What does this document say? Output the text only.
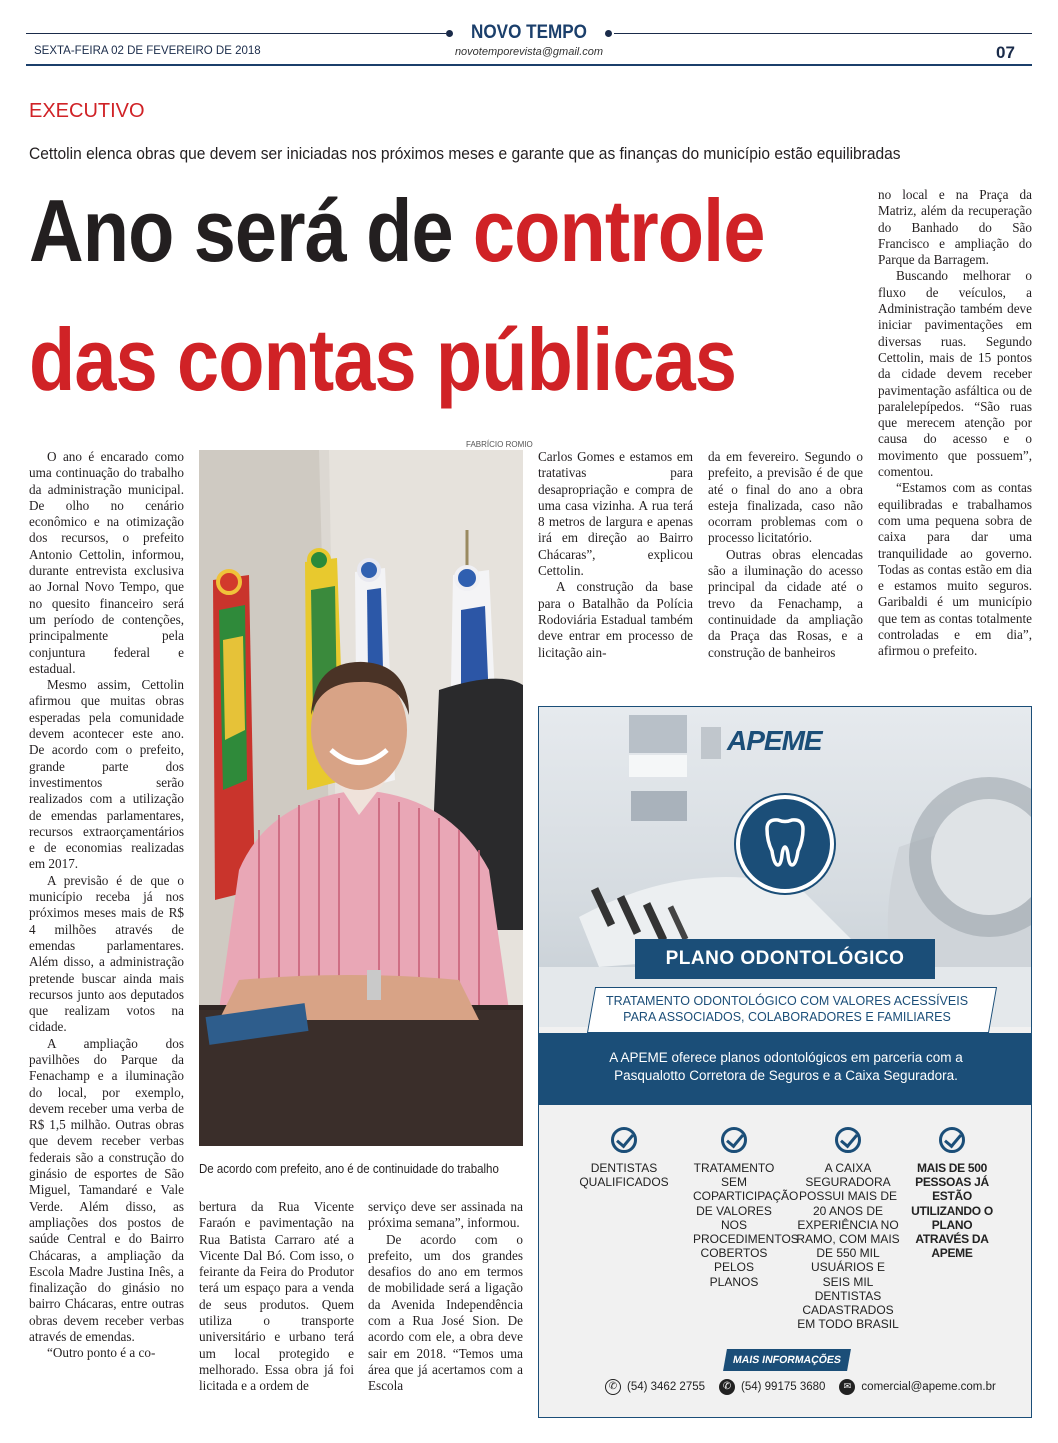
NOVO TEMPO
SEXTA-FEIRA 02 DE FEVEREIRO DE 2018	novotemporevista@gmail.com	07
EXECUTIVO
Cettolin elenca obras que devem ser iniciadas nos próximos meses e garante que as finanças do município estão equilibradas
Ano será de controle
das contas públicas

O ano é encarado como uma continuação do trabalho da administração municipal. De olho no cenário econômico e na otimização dos recursos, o prefeito Antonio Cettolin, informou, durante entrevista exclusiva ao Jornal Novo Tempo, que no quesito financeiro será um período de contenções, principalmente pela conjuntura federal e estadual.

Mesmo assim, Cettolin afirmou que muitas obras esperadas pela comunidade devem acontecer este ano. De acordo com o prefeito, grande parte dos investimentos serão realizados com a utilização de emendas parlamentares, recursos extraorçamentários e de economias realizadas em 2017.

A previsão é de que o município receba já nos próximos meses mais de R$ 4 milhões através de emendas parlamentares. Além disso, a administração pretende buscar ainda mais recursos junto aos deputados que realizam votos na cidade.

A ampliação dos pavilhões do Parque da Fenachamp e a iluminação do local, por exemplo, devem receber uma verba de R$ 1,5 milhão. Outras obras que devem receber verbas federais são a construção do ginásio de esportes de São Miguel, Tamandaré e Vale Verde. Além disso, as ampliações dos postos de saúde Central e do Bairro Chácaras, a ampliação da Escola Madre Justina Inês, a finalização do ginásio no bairro Chácaras, entre outras obras devem receber verbas através de emendas.

“Outro ponto é a co-

FABRÍCIO ROMIO
De acordo com prefeito, ano é de continuidade do trabalho

bertura da Rua Vicente Faraón e pavimentação na Rua Batista Carraro até a Vicente Dal Bó. Com isso, o feirante da Feira do Produtor terá um espaço para a venda de seus produtos. Quem utiliza o transporte universitário e urbano terá um local protegido e melhorado. Essa obra já foi licitada e a ordem de

serviço deve ser assinada na próxima semana”, informou.

De acordo com o prefeito, um dos grandes desafios do ano em termos de mobilidade será a ligação da Avenida Independência com a Rua José Sion. De acordo com ele, a obra deve sair em 2018. “Temos uma área que já acertamos com a Escola

Carlos Gomes e estamos em tratativas para desapropriação e compra de uma casa vizinha. A rua terá 8 metros de largura e apenas irá em direção ao Bairro Chácaras”, explicou Cettolin.

A construção da base para o Batalhão da Polícia Rodoviária Estadual também deve entrar em processo de licitação ain-

da em fevereiro. Segundo o prefeito, a previsão é de que até o final do ano a obra esteja finalizada, caso não ocorram problemas com o processo licitatório.

Outras obras elencadas são a iluminação do acesso principal da cidade até o trevo da Fenachamp, a continuidade da ampliação da Praça das Rosas, e a construção de banheiros

no local e na Praça da Matriz, além da recuperação do Banhado do São Francisco e ampliação do Parque da Barragem.

Buscando melhorar o fluxo de veículos, a Administração também deve iniciar pavimentações em diversas ruas. Segundo Cettolin, mais de 15 pontos da cidade devem receber pavimentação asfáltica ou de paralelepípedos. “São ruas que merecem atenção por causa do acesso e o movimento que possuem”, comentou.

“Estamos com as contas equilibradas e trabalhamos com uma pequena sobra de caixa para dar uma tranquilidade ao governo. Todas as contas estão em dia e estamos muito seguros. Garibaldi é um município que tem as contas totalmente controladas e em dia”, afirmou o prefeito.

APEME
PLANO ODONTOLÓGICO
TRATAMENTO ODONTOLÓGICO COM VALORES ACESSÍVEIS
PARA ASSOCIADOS, COLABORADORES E FAMILIARES
A APEME oferece planos odontológicos em parceria com a
Pasqualotto Corretora de Seguros e a Caixa Seguradora.
DENTISTAS QUALIFICADOS
TRATAMENTO SEM COPARTICIPAÇÃO DE VALORES NOS PROCEDIMENTOS COBERTOS PELOS PLANOS
A CAIXA SEGURADORA POSSUI MAIS DE 20 ANOS DE EXPERIÊNCIA NO RAMO, COM MAIS DE 550 MIL USUÁRIOS E SEIS MIL DENTISTAS CADASTRADOS EM TODO BRASIL
MAIS DE 500 PESSOAS JÁ ESTÃO UTILIZANDO O PLANO ATRAVÉS DA APEME
MAIS INFORMAÇÕES
✆ (54) 3462 2755	✆ (54) 99175 3680	✉ comercial@apeme.com.br
